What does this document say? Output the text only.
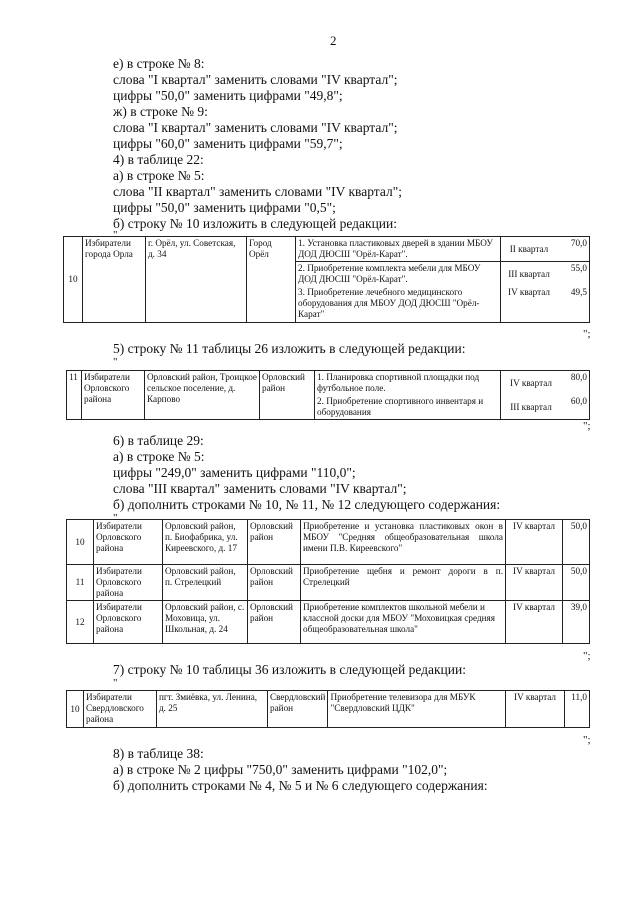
2
е) в строке № 8:
слова "I квартал" заменить словами "IV квартал";
цифры "50,0" заменить цифрами "49,8";
ж) в строке № 9:
слова "I квартал" заменить словами "IV квартал";
цифры "60,0" заменить цифрами "59,7";
4) в таблице 22:
а) в строке № 5:
слова "II квартал" заменить словами "IV квартал";
цифры "50,0" заменить цифрами "0,5";
б) строку № 10 изложить в следующей редакции:
"
10	Избиратели города Орла	г. Орёл, ул. Советская, д. 34	Город Орёл	1. Установка пластиковых дверей в здании МБОУ ДОД ДЮСШ "Орёл-Карат".	II квартал	70,0
				2. Приобретение комплекта мебели для МБОУ ДОД ДЮСШ "Орёл-Карат".	III квартал	55,0
				3. Приобретение лечебного медицинского оборудования для МБОУ ДОД ДЮСШ "Орёл-Карат"	IV квартал	49,5
";
5) строку № 11 таблицы 26 изложить в следующей редакции:
"
11	Избиратели Орловского района	Орловский район, Троицкое сельское поселение, д. Карпово	Орловский район	1. Планировка спортивной площадки под футбольное поле.	IV квартал	80,0
				2. Приобретение спортивного инвентаря и оборудования	III квартал	60,0
";
6) в таблице 29:
а) в строке № 5:
цифры "249,0" заменить цифрами "110,0";
слова "III квартал" заменить словами "IV квартал";
б) дополнить строками № 10, № 11, № 12 следующего содержания:
"
10	Избиратели Орловского района	Орловский район, п. Биофабрика, ул. Киреевского, д. 17	Орловский район	Приобретение и установка пластиковых окон в МБОУ "Средняя общеобразовательная школа имени П.В. Киреевского"	IV квартал	50,0
11	Избиратели Орловского района	Орловский район, п. Стрелецкий	Орловский район	Приобретение щебня и ремонт дороги в п. Стрелецкий	IV квартал	50,0
12	Избиратели Орловского района	Орловский район, с. Моховица, ул. Школьная, д. 24	Орловский район	Приобретение комплектов школьной мебели и классной доски для МБОУ "Моховицкая средняя общеобразовательная школа"	IV квартал	39,0
";
7) строку № 10 таблицы 36 изложить в следующей редакции:
"
10	Избиратели Свердловского района	пгт. Змиёвка, ул. Ленина, д. 25	Свердловский район	Приобретение телевизора для МБУК "Свердловский ЦДК"	IV квартал	11,0
";
8) в таблице 38:
а) в строке № 2 цифры "750,0" заменить цифрами "102,0";
б) дополнить строками № 4, № 5 и № 6 следующего содержания:
